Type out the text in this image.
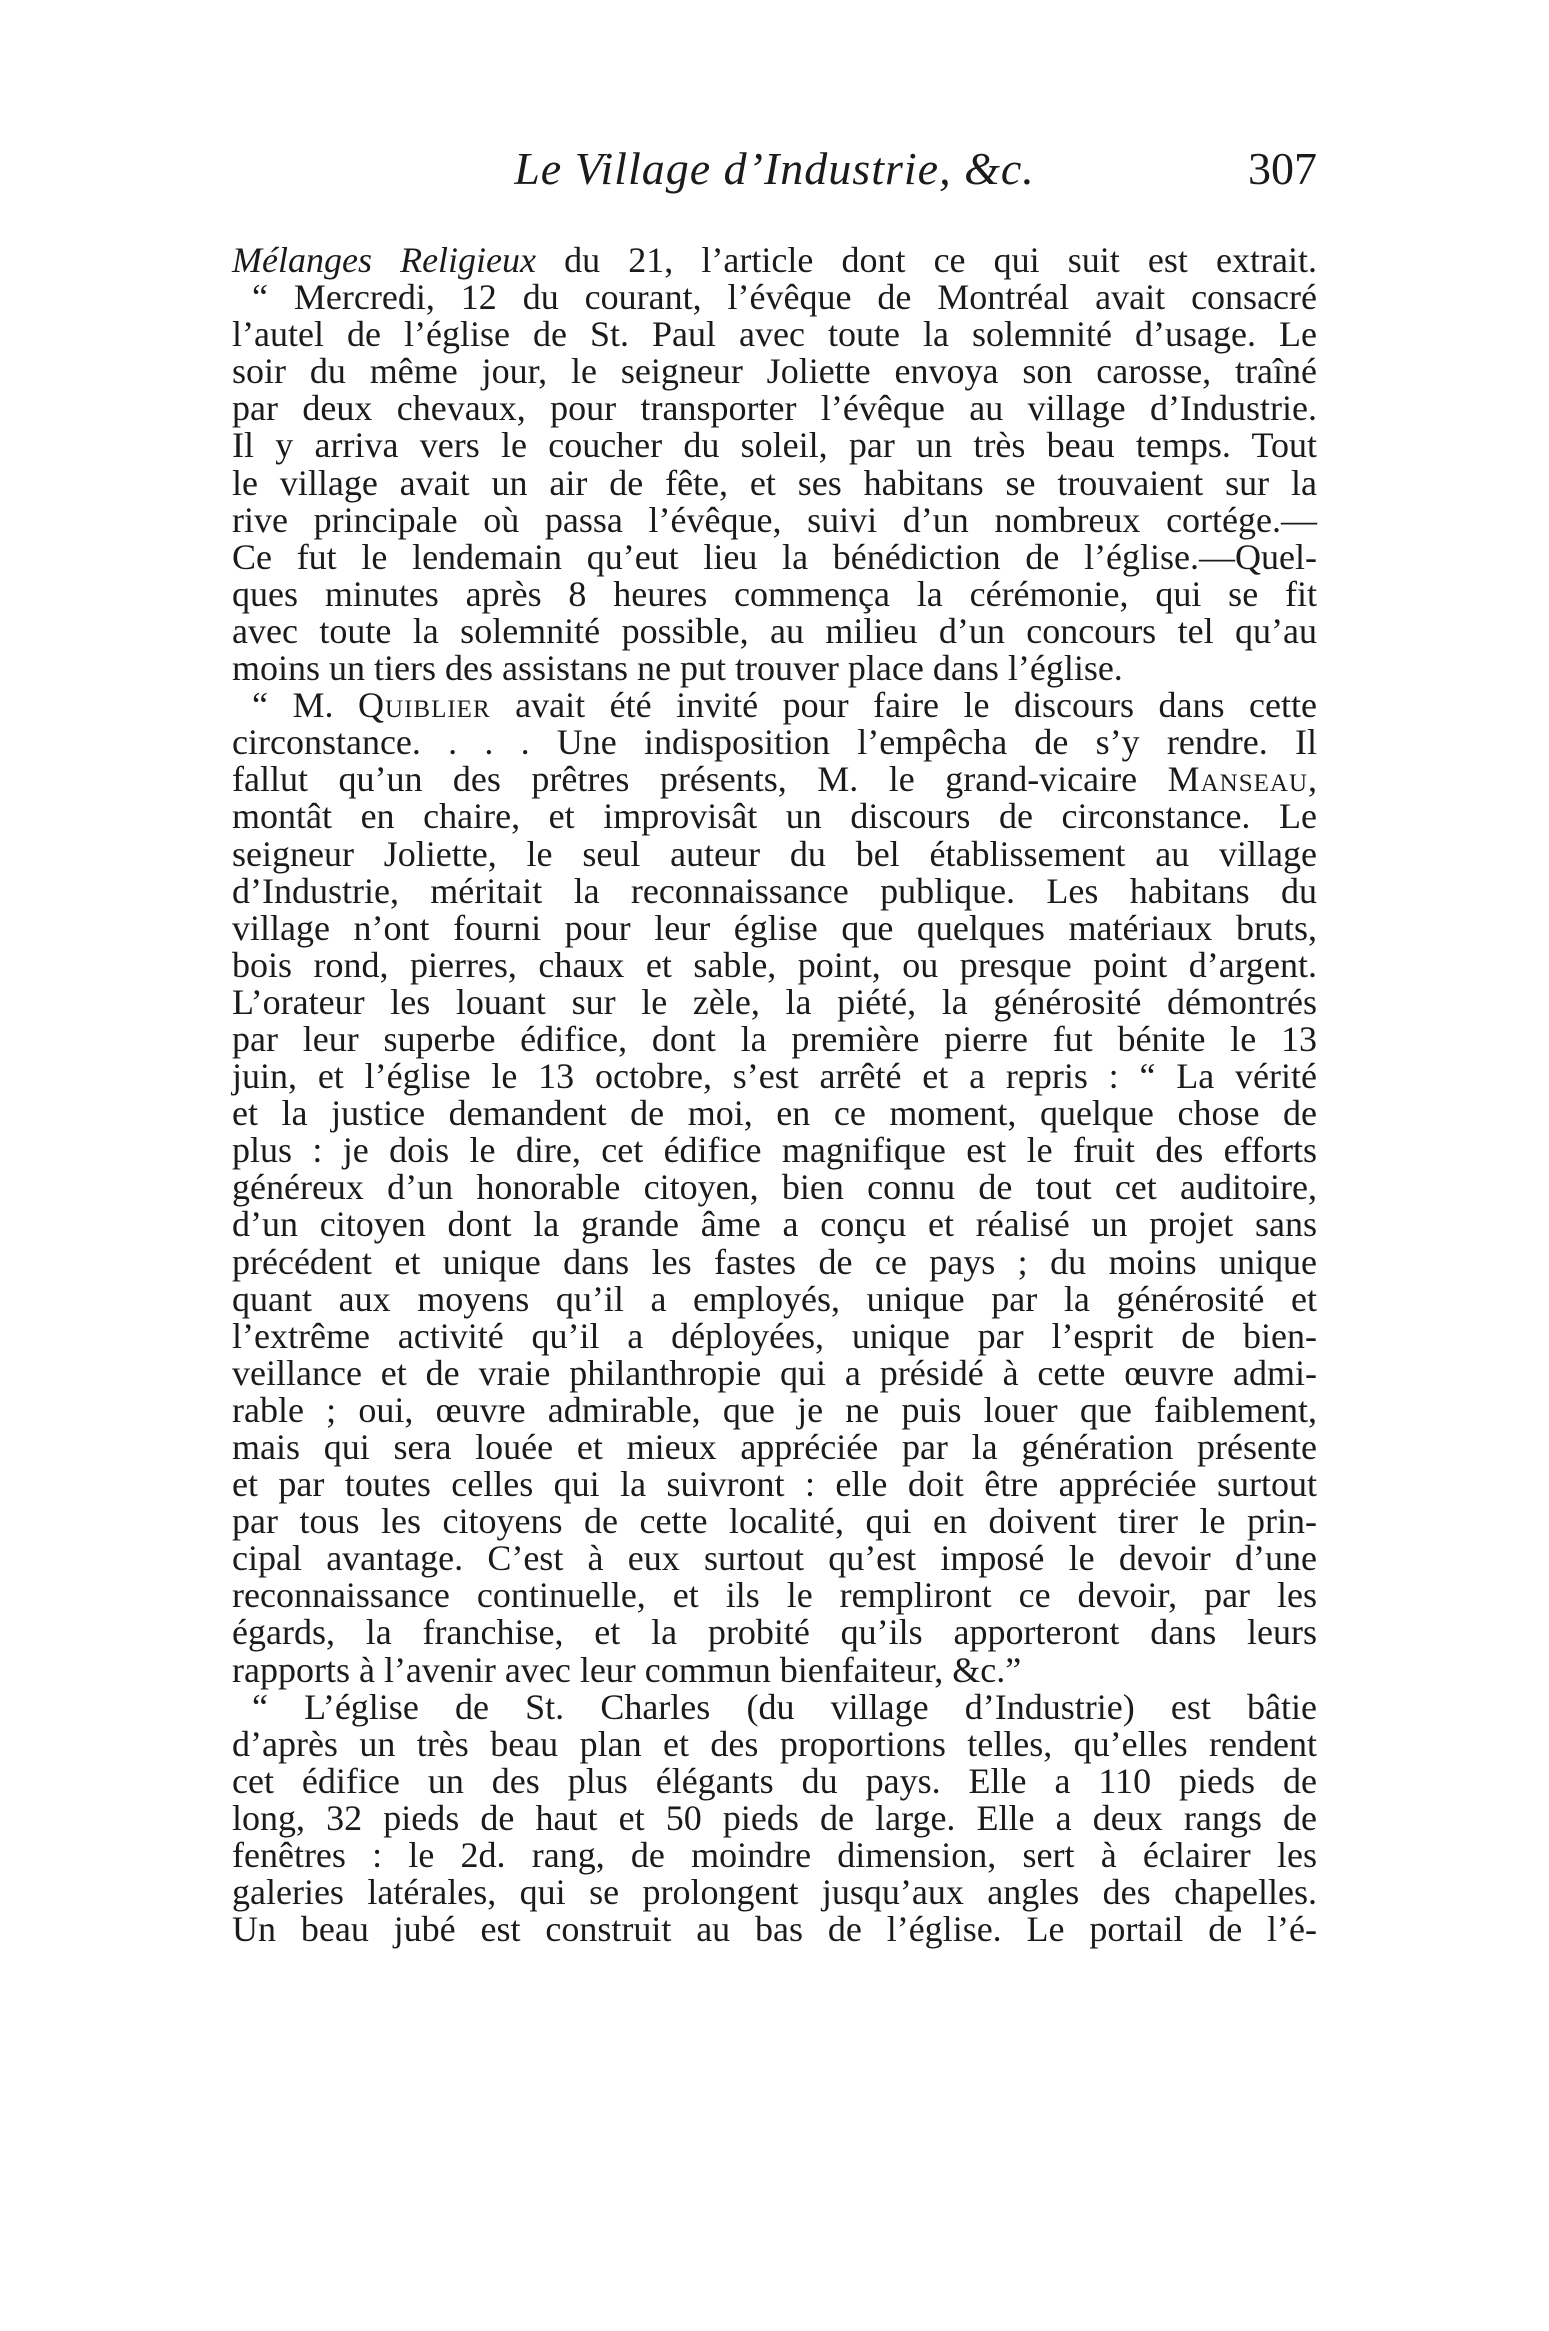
Le Village d’Industrie, &c.	307
Mélanges Religieux du 21, l’article dont ce qui suit est extrait.
“ Mercredi, 12 du courant, l’évêque de Montréal avait consacré
l’autel de l’église de St. Paul avec toute la solemnité d’usage. Le
soir du même jour, le seigneur Joliette envoya son carosse, traîné
par deux chevaux, pour transporter l’évêque au village d’Industrie.
Il y arriva vers le coucher du soleil, par un très beau temps. Tout
le village avait un air de fête, et ses habitans se trouvaient sur la
rive principale où passa l’évêque, suivi d’un nombreux cortége.—
Ce fut le lendemain qu’eut lieu la bénédiction de l’église.—Quel-
ques minutes après 8 heures commença la cérémonie, qui se fit
avec toute la solemnité possible, au milieu d’un concours tel qu’au
moins un tiers des assistans ne put trouver place dans l’église.
“ M. Quiblier avait été invité pour faire le discours dans cette
circonstance. . . . Une indisposition l’empêcha de s’y rendre. Il
fallut qu’un des prêtres présents, M. le grand-vicaire Manseau,
montât en chaire, et improvisât un discours de circonstance. Le
seigneur Joliette, le seul auteur du bel établissement au village
d’Industrie, méritait la reconnaissance publique. Les habitans du
village n’ont fourni pour leur église que quelques matériaux bruts,
bois rond, pierres, chaux et sable, point, ou presque point d’argent.
L’orateur les louant sur le zèle, la piété, la générosité démontrés
par leur superbe édifice, dont la première pierre fut bénite le 13
juin, et l’église le 13 octobre, s’est arrêté et a repris : “ La vérité
et la justice demandent de moi, en ce moment, quelque chose de
plus : je dois le dire, cet édifice magnifique est le fruit des efforts
généreux d’un honorable citoyen, bien connu de tout cet auditoire,
d’un citoyen dont la grande âme a conçu et réalisé un projet sans
précédent et unique dans les fastes de ce pays ; du moins unique
quant aux moyens qu’il a employés, unique par la générosité et
l’extrême activité qu’il a déployées, unique par l’esprit de bien-
veillance et de vraie philanthropie qui a présidé à cette œuvre admi-
rable ; oui, œuvre admirable, que je ne puis louer que faiblement,
mais qui sera louée et mieux appréciée par la génération présente
et par toutes celles qui la suivront : elle doit être appréciée surtout
par tous les citoyens de cette localité, qui en doivent tirer le prin-
cipal avantage. C’est à eux surtout qu’est imposé le devoir d’une
reconnaissance continuelle, et ils le rempliront ce devoir, par les
égards, la franchise, et la probité qu’ils apporteront dans leurs
rapports à l’avenir avec leur commun bienfaiteur, &c.”
“ L’église de St. Charles (du village d’Industrie) est bâtie
d’après un très beau plan et des proportions telles, qu’elles rendent
cet édifice un des plus élégants du pays. Elle a 110 pieds de
long, 32 pieds de haut et 50 pieds de large. Elle a deux rangs de
fenêtres : le 2d. rang, de moindre dimension, sert à éclairer les
galeries latérales, qui se prolongent jusqu’aux angles des chapelles.
Un beau jubé est construit au bas de l’église. Le portail de l’é-
